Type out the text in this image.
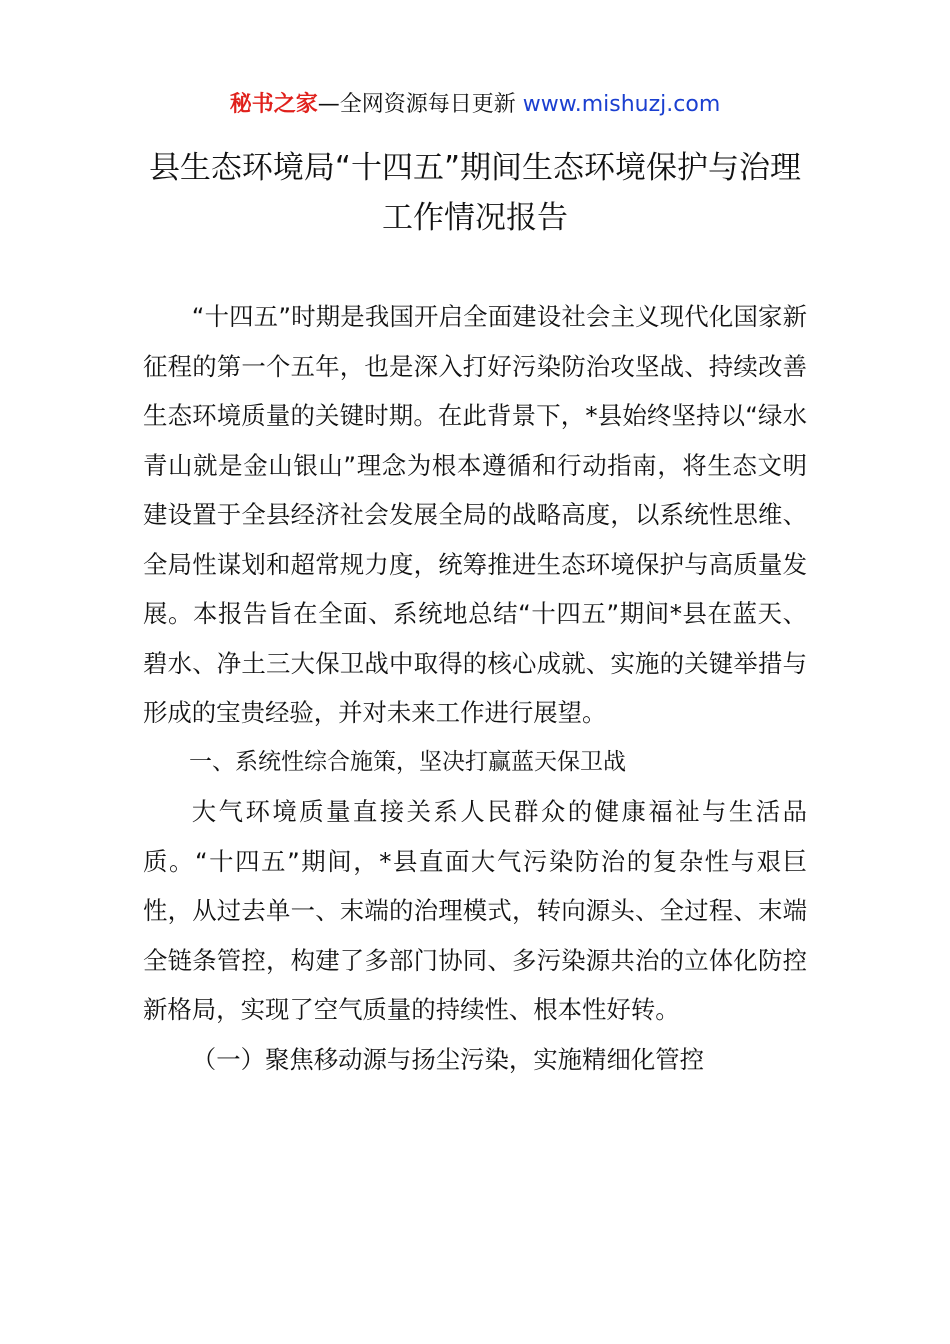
秘书之家—全网资源每日更新 www.mishuzj.com
县生态环境局“十四五”期间生态环境保护与治理工作情况报告

“十四五”时期是我国开启全面建设社会主义现代化国家新征程的第一个五年，也是深入打好污染防治攻坚战、持续改善生态环境质量的关键时期。在此背景下，*县始终坚持以“绿水青山就是金山银山”理念为根本遵循和行动指南，将生态文明建设置于全县经济社会发展全局的战略高度，以系统性思维、全局性谋划和超常规力度，统筹推进生态环境保护与高质量发展。本报告旨在全面、系统地总结“十四五”期间*县在蓝天、碧水、净土三大保卫战中取得的核心成就、实施的关键举措与形成的宝贵经验，并对未来工作进行展望。

一、系统性综合施策，坚决打赢蓝天保卫战

大气环境质量直接关系人民群众的健康福祉与生活品质。“十四五”期间，*县直面大气污染防治的复杂性与艰巨性，从过去单一、末端的治理模式，转向源头、全过程、末端全链条管控，构建了多部门协同、多污染源共治的立体化防控新格局，实现了空气质量的持续性、根本性好转。

（一）聚焦移动源与扬尘污染，实施精细化管控
